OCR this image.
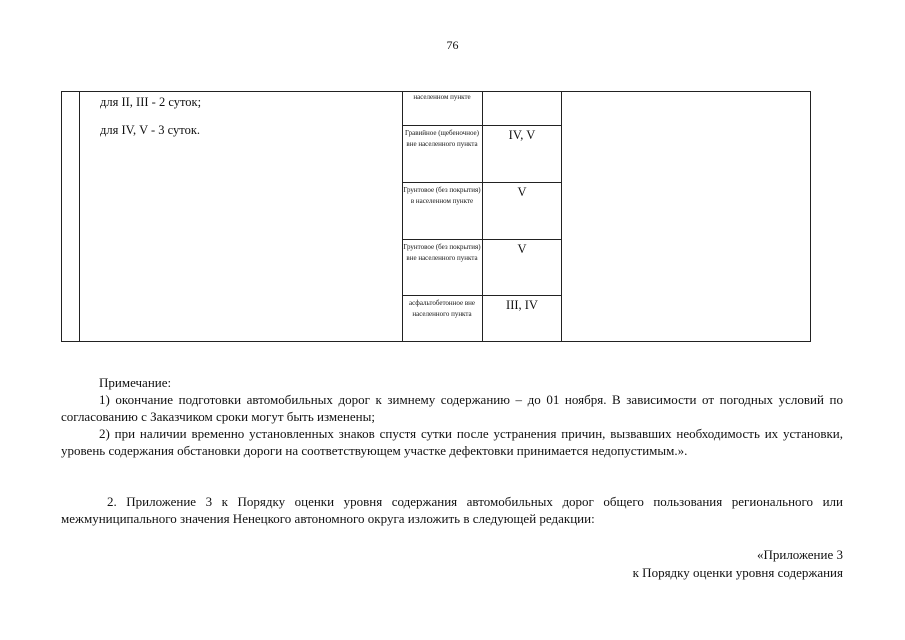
76
для II, III - 2 суток;
для IV, V - 3 суток.
населенном пункте
Гравийное (щебеночное) вне населенного пункта
Грунтовое (без покрытия) в населенном пункте
Грунтовое (без покрытия) вне населенного пункта
асфальтобетонное вне населенного пункта
IV, V
V
V
III, IV
Примечание:
1) окончание подготовки автомобильных дорог к зимнему содержанию – до 01 ноября. В зависимости от погодных условий по согласованию с Заказчиком сроки могут быть изменены;
2) при наличии временно установленных знаков спустя сутки после устранения причин, вызвавших необходимость их установки, уровень содержания обстановки дороги на соответствующем участке дефектовки принимается недопустимым.».
2. Приложение 3 к Порядку оценки уровня содержания автомобильных дорог общего пользования регионального или межмуниципального значения Ненецкого автономного округа изложить в следующей редакции:
«Приложение 3
к Порядку оценки уровня содержания
